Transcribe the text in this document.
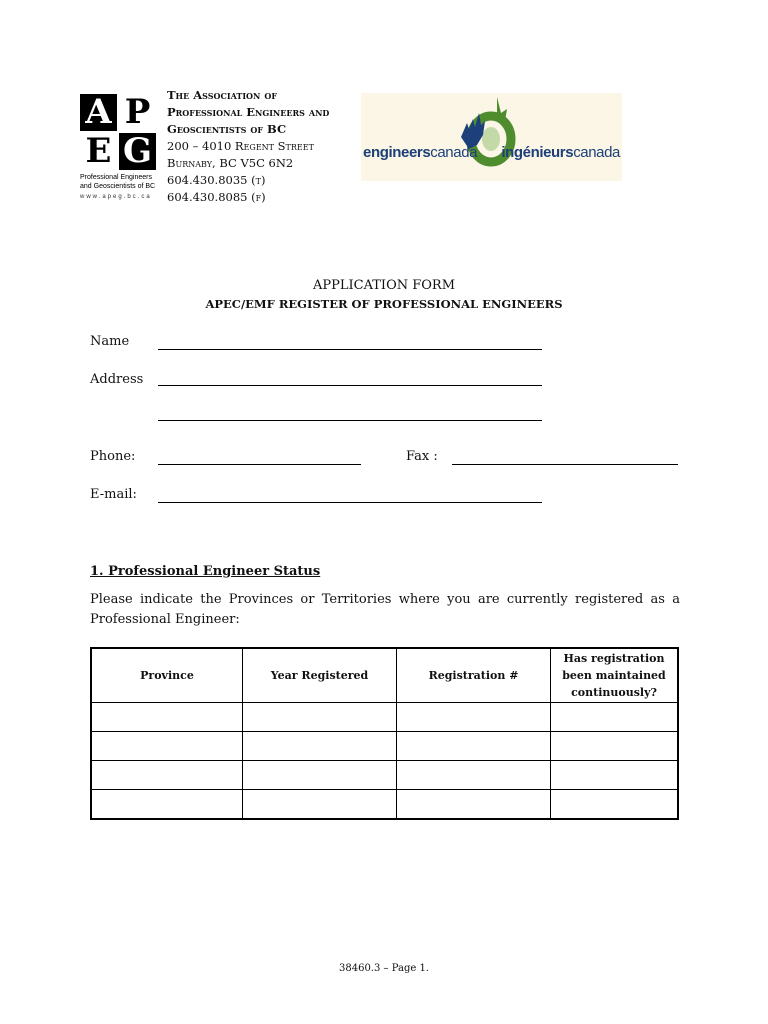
A P
E G
Professional Engineers
and Geoscientists of BC
www.apeg.bc.ca
The Association of
Professional Engineers and
Geoscientists of BC
200 – 4010 Regent Street
Burnaby, BC V5C 6N2
604.430.8035 (t)
604.430.8085 (f)
engineerscanada ingénieurscanada
APPLICATION FORM
APEC/EMF REGISTER OF PROFESSIONAL ENGINEERS
Name
Address
Phone:	Fax :
E-mail:
1. Professional Engineer Status
Please indicate the Provinces or Territories where you are currently registered as a Professional Engineer:
Province	Year Registered	Registration #	Has registration been maintained continuously?

38460.3 – Page 1.
